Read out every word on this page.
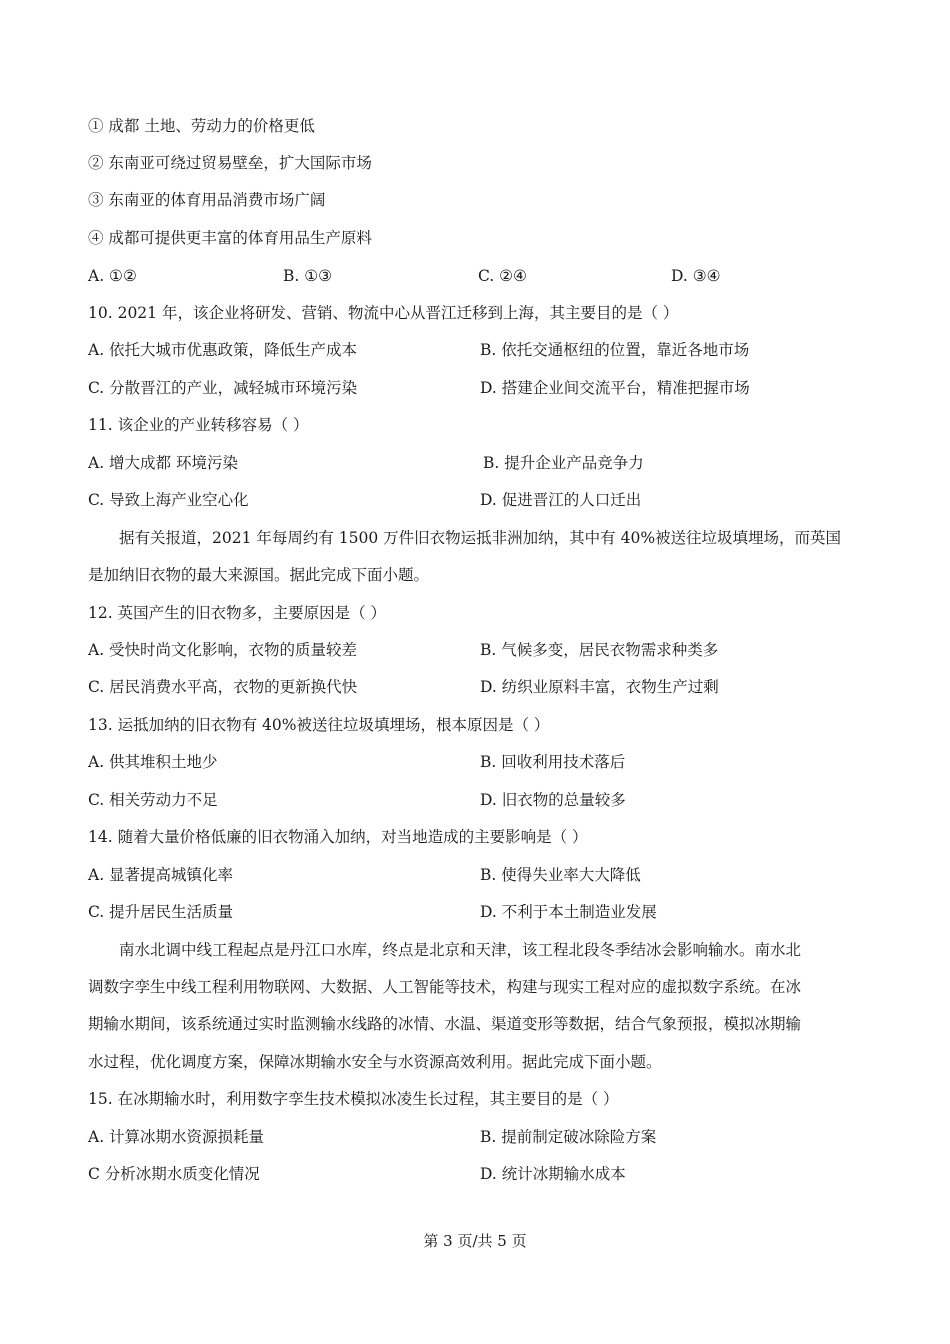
① 成都 土地、劳动力的价格更低
② 东南亚可绕过贸易壁垒，扩大国际市场
③ 东南亚的体育用品消费市场广阔
④ 成都可提供更丰富的体育用品生产原料
A. ①②	B. ①③	C. ②④	D. ③④
10. 2021 年，该企业将研发、营销、物流中心从晋江迁移到上海，其主要目的是（ ）
A. 依托大城市优惠政策，降低生产成本	B. 依托交通枢纽的位置，靠近各地市场
C. 分散晋江的产业，减轻城市环境污染	D. 搭建企业间交流平台，精准把握市场
11. 该企业的产业转移容易（ ）
A. 增大成都 环境污染	B. 提升企业产品竞争力
C. 导致上海产业空心化	D. 促进晋江的人口迁出
据有关报道，2021 年每周约有 1500 万件旧衣物运抵非洲加纳，其中有 40%被送往垃圾填埋场，而英国
是加纳旧衣物的最大来源国。据此完成下面小题。
12. 英国产生的旧衣物多，主要原因是（ ）
A. 受快时尚文化影响，衣物的质量较差	B. 气候多变，居民衣物需求种类多
C. 居民消费水平高，衣物的更新换代快	D. 纺织业原料丰富，衣物生产过剩
13. 运抵加纳的旧衣物有 40%被送往垃圾填埋场，根本原因是（ ）
A. 供其堆积土地少	B. 回收利用技术落后
C. 相关劳动力不足	D. 旧衣物的总量较多
14. 随着大量价格低廉的旧衣物涌入加纳，对当地造成的主要影响是（ ）
A. 显著提高城镇化率	B. 使得失业率大大降低
C. 提升居民生活质量	D. 不利于本土制造业发展
南水北调中线工程起点是丹江口水库，终点是北京和天津，该工程北段冬季结冰会影响输水。南水北
调数字孪生中线工程利用物联网、大数据、人工智能等技术，构建与现实工程对应的虚拟数字系统。在冰
期输水期间，该系统通过实时监测输水线路的冰情、水温、渠道变形等数据，结合气象预报，模拟冰期输
水过程，优化调度方案，保障冰期输水安全与水资源高效利用。据此完成下面小题。
15. 在冰期输水时，利用数字孪生技术模拟冰凌生长过程，其主要目的是（ ）
A. 计算冰期水资源损耗量	B. 提前制定破冰除险方案
C 分析冰期水质变化情况	D. 统计冰期输水成本
第 3 页/共 5 页
